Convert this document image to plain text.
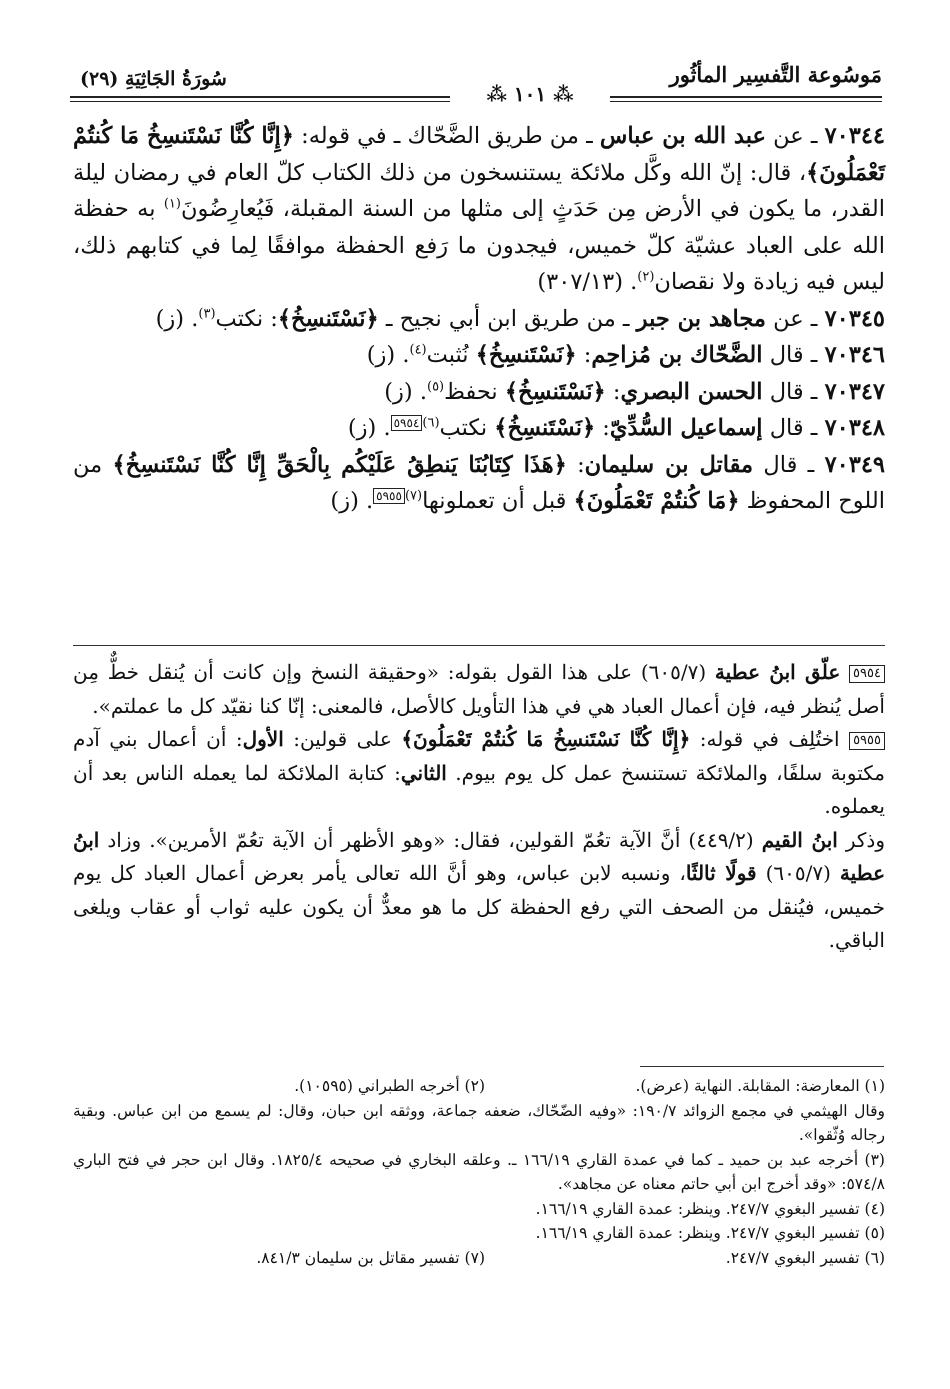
مَوسُوعة التَّفسِير المأثُور
سُورَةُ الجَاثِيَةِ (٢٩)
⁂ ١٠١ ⁂

٧٠٣٤٤ ـ عن عبد الله بن عباس ـ من طريق الضَّحّاك ـ في قوله: ﴿إِنَّا كُنَّا نَسْتَنسِخُ مَا كُنتُمْ تَعْمَلُونَ﴾، قال: إنّ الله وكَّل ملائكة يستنسخون من ذلك الكتاب كلّ العام في رمضان ليلة القدر، ما يكون في الأرض مِن حَدَثٍ إلى مثلها من السنة المقبلة، فَيُعارِضُونَ$^{(١)}$ به حفظة الله على العباد عشيّة كلّ خميس، فيجدون ما رَفع الحفظة موافقًا لِما في كتابهم ذلك، ليس فيه زيادة ولا نقصان$^{(٢)}$. (٣٠٧/١٣)

٧٠٣٤٥ ـ عن مجاهد بن جبر ـ من طريق ابن أبي نجيح ـ ﴿نَسْتَنسِخُ﴾: نكتب$^{(٣)}$. (ز)

٧٠٣٤٦ ـ قال الضَّحّاك بن مُزاحِم: ﴿نَسْتَنسِخُ﴾ نُثبت$^{(٤)}$. (ز)

٧٠٣٤٧ ـ قال الحسن البصري: ﴿نَسْتَنسِخُ﴾ نحفظ$^{(٥)}$. (ز)

٧٠٣٤٨ ـ قال إسماعيل السُّدِّيّ: ﴿نَسْتَنسِخُ﴾ نكتب$^{(٦)}$٥٩٥٤. (ز)

٧٠٣٤٩ ـ قال مقاتل بن سليمان: ﴿هَذَا كِتَابُنَا يَنطِقُ عَلَيْكُم بِالْحَقِّ إِنَّا كُنَّا نَسْتَنسِخُ﴾ من اللوح المحفوظ ﴿مَا كُنتُمْ تَعْمَلُونَ﴾ قبل أن تعملونها$^{(٧)}$٥٩٥٥. (ز)

٥٩٥٤ علّق ابنُ عطية (٦٠٥/٧) على هذا القول بقوله: «وحقيقة النسخ وإن كانت أن يُنقل خطٌّ مِن أصل يُنظر فيه، فإن أعمال العباد هي في هذا التأويل كالأصل، فالمعنى: إنّا كنا نقيّد كل ما عملتم».

٥٩٥٥ اختُلِف في قوله: ﴿إِنَّا كُنَّا نَسْتَنسِخُ مَا كُنتُمْ تَعْمَلُونَ﴾ على قولين: الأول: أن أعمال بني آدم مكتوبة سلفًا، والملائكة تستنسخ عمل كل يوم بيوم. الثاني: كتابة الملائكة لما يعمله الناس بعد أن يعملوه.

وذكر ابنُ القيم (٤٤٩/٢) أنَّ الآية تعُمّ القولين، فقال: «وهو الأظهر أن الآية تعُمّ الأمرين». وزاد ابنُ عطية (٦٠٥/٧) قولًا ثالثًا، ونسبه لابن عباس، وهو أنَّ الله تعالى يأمر بعرض أعمال العباد كل يوم خميس، فيُنقل من الصحف التي رفع الحفظة كل ما هو معدٌّ أن يكون عليه ثواب أو عقاب ويلغى الباقي.

(١) المعارضة: المقابلة. النهاية (عرض).
(٢) أخرجه الطبراني (١٠٥٩٥).

وقال الهيثمي في مجمع الزوائد ١٩٠/٧: «وفيه الضّحّاك، ضعفه جماعة، ووثقه ابن حبان، وقال: لم يسمع من ابن عباس. وبقية رجاله وُثّقوا».

(٣) أخرجه عبد بن حميد ـ كما في عمدة القاري ١٦٦/١٩ ـ. وعلقه البخاري في صحيحه ١٨٢٥/٤. وقال ابن حجر في فتح الباري ٥٧٤/٨: «وقد أخرج ابن أبي حاتم معناه عن مجاهد».

(٤) تفسير البغوي ٢٤٧/٧. وينظر: عمدة القاري ١٦٦/١٩.

(٥) تفسير البغوي ٢٤٧/٧. وينظر: عمدة القاري ١٦٦/١٩.

(٦) تفسير البغوي ٢٤٧/٧.
(٧) تفسير مقاتل بن سليمان ٨٤١/٣.
